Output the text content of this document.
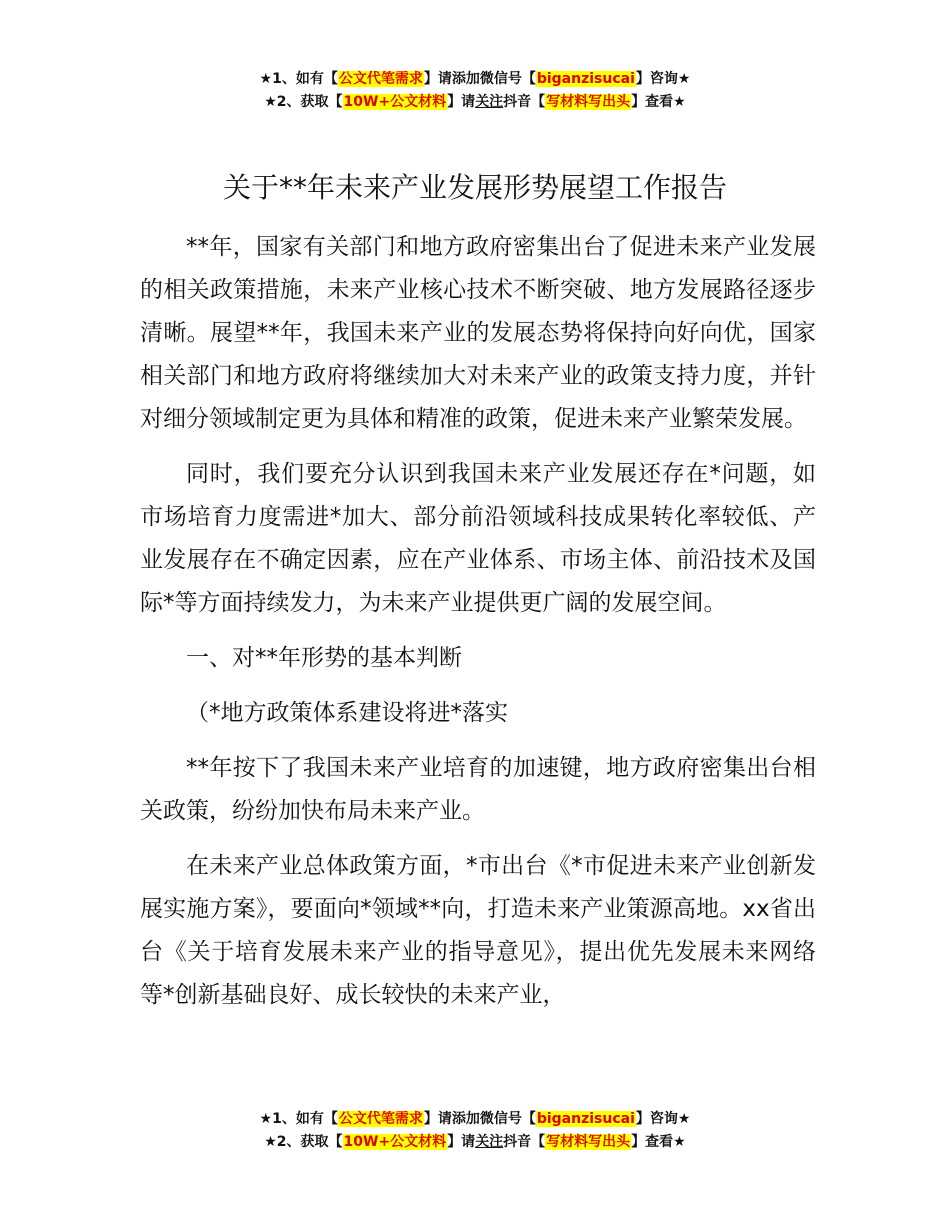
★1、如有【公文代笔需求】请添加微信号【biganzisucai】咨询★
★2、获取【10W+公文材料】请关注抖音【写材料写出头】查看★
关于**年未来产业发展形势展望工作报告

**年，国家有关部门和地方政府密集出台了促进未来产业发展的相关政策措施，未来产业核心技术不断突破、地方发展路径逐步清晰。展望**年，我国未来产业的发展态势将保持向好向优，国家相关部门和地方政府将继续加大对未来产业的政策支持力度，并针对细分领域制定更为具体和精准的政策，促进未来产业繁荣发展。

同时，我们要充分认识到我国未来产业发展还存在*问题，如市场培育力度需进*加大、部分前沿领域科技成果转化率较低、产业发展存在不确定因素，应在产业体系、市场主体、前沿技术及国际*等方面持续发力，为未来产业提供更广阔的发展空间。

一、对**年形势的基本判断

（*地方政策体系建设将进*落实

**年按下了我国未来产业培育的加速键，地方政府密集出台相关政策，纷纷加快布局未来产业。

在未来产业总体政策方面，*市出台《*市促进未来产业创新发展实施方案》，要面向*领域**向，打造未来产业策源高地。xx省出台《关于培育发展未来产业的指导意见》，提出优先发展未来网络等*创新基础良好、成长较快的未来产业，

★1、如有【公文代笔需求】请添加微信号【biganzisucai】咨询★
★2、获取【10W+公文材料】请关注抖音【写材料写出头】查看★
